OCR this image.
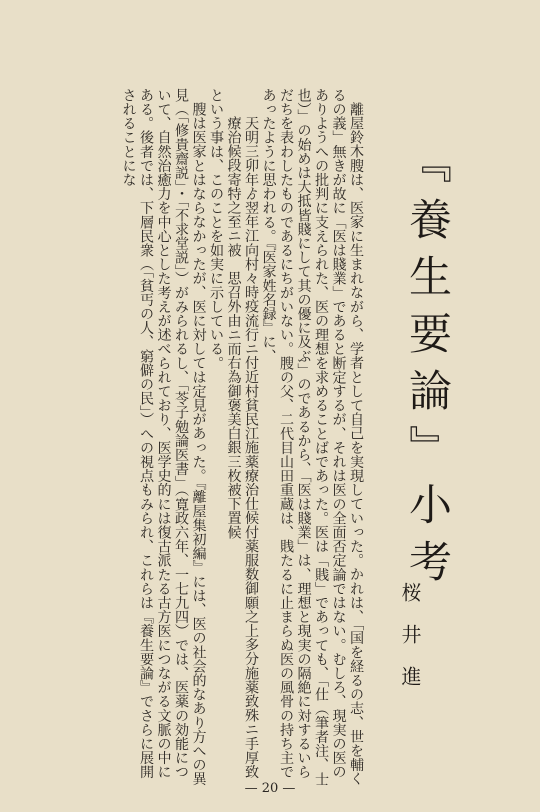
『養生要論』小考
桜井進

離屋鈴木膄は、医家に生まれながら、学者として自己を実現していった。かれは、「国を経るの志、世を輔くるの義」無きが故に「医は賤業」であると断定するが、それは医の全面否定論ではない。むしろ、現実の医のありようへの批判に支えられた、医の理想を求めることばであった。医は「賎」であっても、「仕（筆者注、士也）」の始めは大抵皆賤にして其の優に及ぶ」のであるから、「医は賤業」は、理想と現実の隔絶に対するいらだちを表わしたものであるにちがいない。膄の父、二代目山田重蔵は、賎たるに止まらぬ医の風骨の持ち主であったように思われる。『医家姓名録』に、

天明三卯年ゟ翌年江向村々時疫流行ニ付近村貧民江施薬療治仕候付薬服数御願之上多分施薬致殊ニ手厚致療治候段寄特之至ニ被　思召外由ニ而右為御褒美白銀三枚被下置候

という事は、このことを如実に示している。

膄は医家とはならなかったが、医に対しては定見があった。『離屋集初編』には、医の社会的なあり方への異見（「修貴齋説」・「不求堂説」）がみられるし、「苓子勉論医書」（寛政六年、一七九四）では、医薬の効能について、自然治癒力を中心とした考えが述べられており、医学史的には復古派たる古方医につながる文脈の中にある。後者では、下層民衆（「貧丐の人、窮僻の民」）への視点もみられ、これらは『養生要論』でさらに展開されることにな

— 20 —
